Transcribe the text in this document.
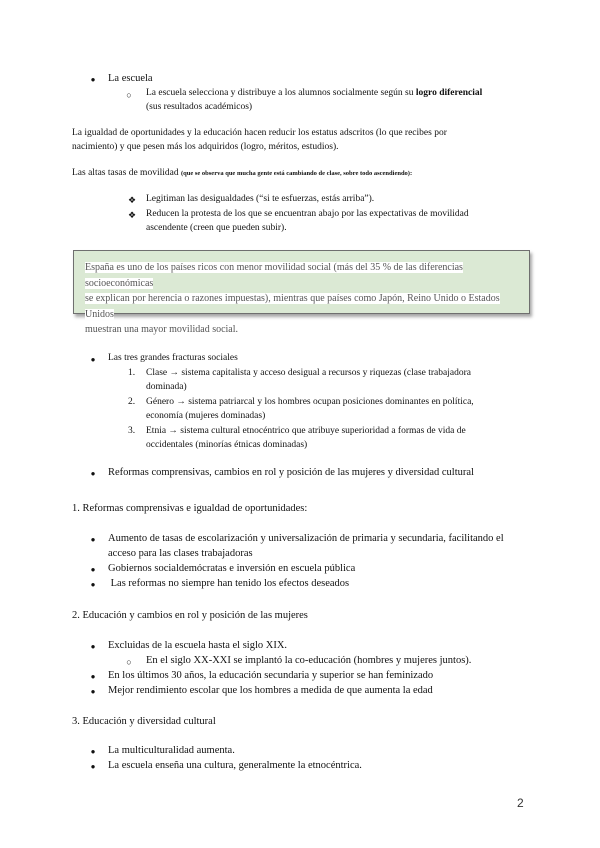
● La escuela
○ La escuela selecciona y distribuye a los alumnos socialmente según su logro diferencial
(sus resultados académicos)
La igualdad de oportunidades y la educación hacen reducir los estatus adscritos (lo que recibes por
nacimiento) y que pesen más los adquiridos (logro, méritos, estudios).
Las altas tasas de movilidad (que se observa que mucha gente está cambiando de clase, sobre todo ascendiendo):
❖ Legitiman las desigualdades (“si te esfuerzas, estás arriba”).
❖ Reducen la protesta de los que se encuentran abajo por las expectativas de movilidad
ascendente (creen que pueden subir).
España es uno de los países ricos con menor movilidad social (más del 35 % de las diferencias socioeconómicas
se explican por herencia o razones impuestas), mientras que países como Japón, Reino Unido o Estados Unidos
muestran una mayor movilidad social.
● Las tres grandes fracturas sociales
1. Clase → sistema capitalista y acceso desigual a recursos y riquezas (clase trabajadora
dominada)
2. Género → sistema patriarcal y los hombres ocupan posiciones dominantes en política,
economía (mujeres dominadas)
3. Etnia → sistema cultural etnocéntrico que atribuye superioridad a formas de vida de
occidentales (minorías étnicas dominadas)
● Reformas comprensivas, cambios en rol y posición de las mujeres y diversidad cultural
1. Reformas comprensivas e igualdad de oportunidades:
● Aumento de tasas de escolarización y universalización de primaria y secundaria, facilitando el
acceso para las clases trabajadoras
● Gobiernos socialdemócratas e inversión en escuela pública
● Las reformas no siempre han tenido los efectos deseados
2. Educación y cambios en rol y posición de las mujeres
● Excluidas de la escuela hasta el siglo XIX.
○ En el siglo XX-XXI se implantó la co-educación (hombres y mujeres juntos).
● En los últimos 30 años, la educación secundaria y superior se han feminizado
● Mejor rendimiento escolar que los hombres a medida de que aumenta la edad
3. Educación y diversidad cultural
● La multiculturalidad aumenta.
● La escuela enseña una cultura, generalmente la etnocéntrica.
2
